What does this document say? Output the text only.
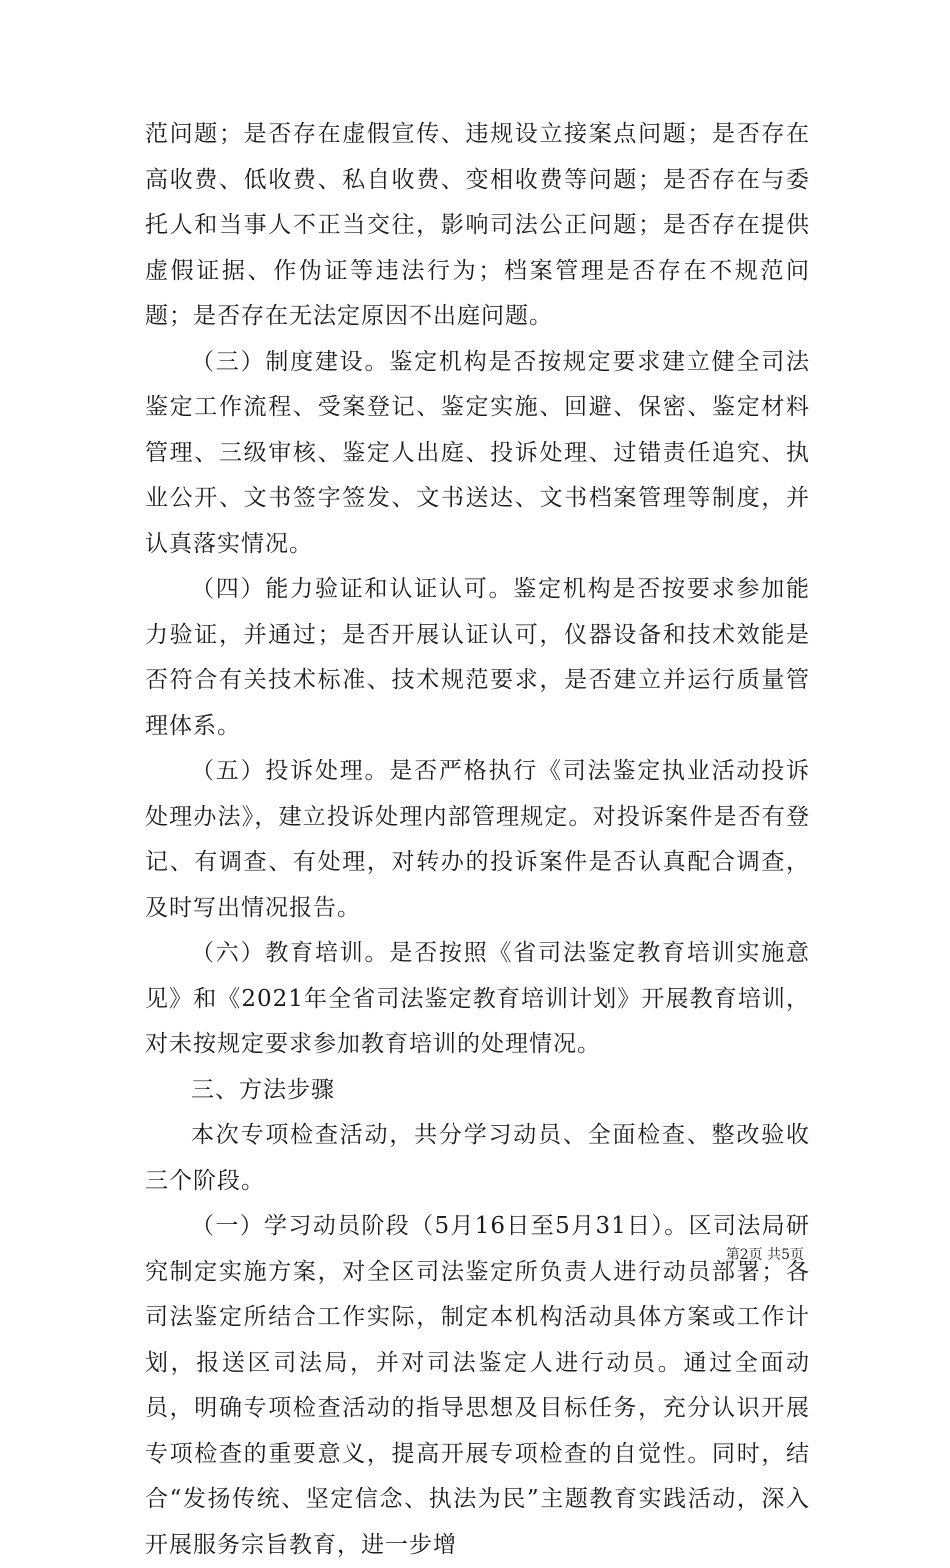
范问题；是否存在虚假宣传、违规设立接案点问题；是否存在高收费、低收费、私自收费、变相收费等问题；是否存在与委托人和当事人不正当交往，影响司法公正问题；是否存在提供虚假证据、作伪证等违法行为；档案管理是否存在不规范问题；是否存在无法定原因不出庭问题。

（三）制度建设。鉴定机构是否按规定要求建立健全司法鉴定工作流程、受案登记、鉴定实施、回避、保密、鉴定材料管理、三级审核、鉴定人出庭、投诉处理、过错责任追究、执业公开、文书签字签发、文书送达、文书档案管理等制度，并认真落实情况。

（四）能力验证和认证认可。鉴定机构是否按要求参加能力验证，并通过；是否开展认证认可，仪器设备和技术效能是否符合有关技术标准、技术规范要求，是否建立并运行质量管理体系。

（五）投诉处理。是否严格执行《司法鉴定执业活动投诉处理办法》，建立投诉处理内部管理规定。对投诉案件是否有登记、有调查、有处理，对转办的投诉案件是否认真配合调查，及时写出情况报告。

（六）教育培训。是否按照《省司法鉴定教育培训实施意见》和《2021年全省司法鉴定教育培训计划》开展教育培训，对未按规定要求参加教育培训的处理情况。

三、方法步骤

本次专项检查活动，共分学习动员、全面检查、整改验收三个阶段。

（一）学习动员阶段（5月16日至5月31日）。区司法局研究制定实施方案，对全区司法鉴定所负责人进行动员部署；各司法鉴定所结合工作实际，制定本机构活动具体方案或工作计划，报送区司法局，并对司法鉴定人进行动员。通过全面动员，明确专项检查活动的指导思想及目标任务，充分认识开展专项检查的重要意义，提高开展专项检查的自觉性。同时，结合“发扬传统、坚定信念、执法为民”主题教育实践活动，深入开展服务宗旨教育，进一步增

第2页 共5页
